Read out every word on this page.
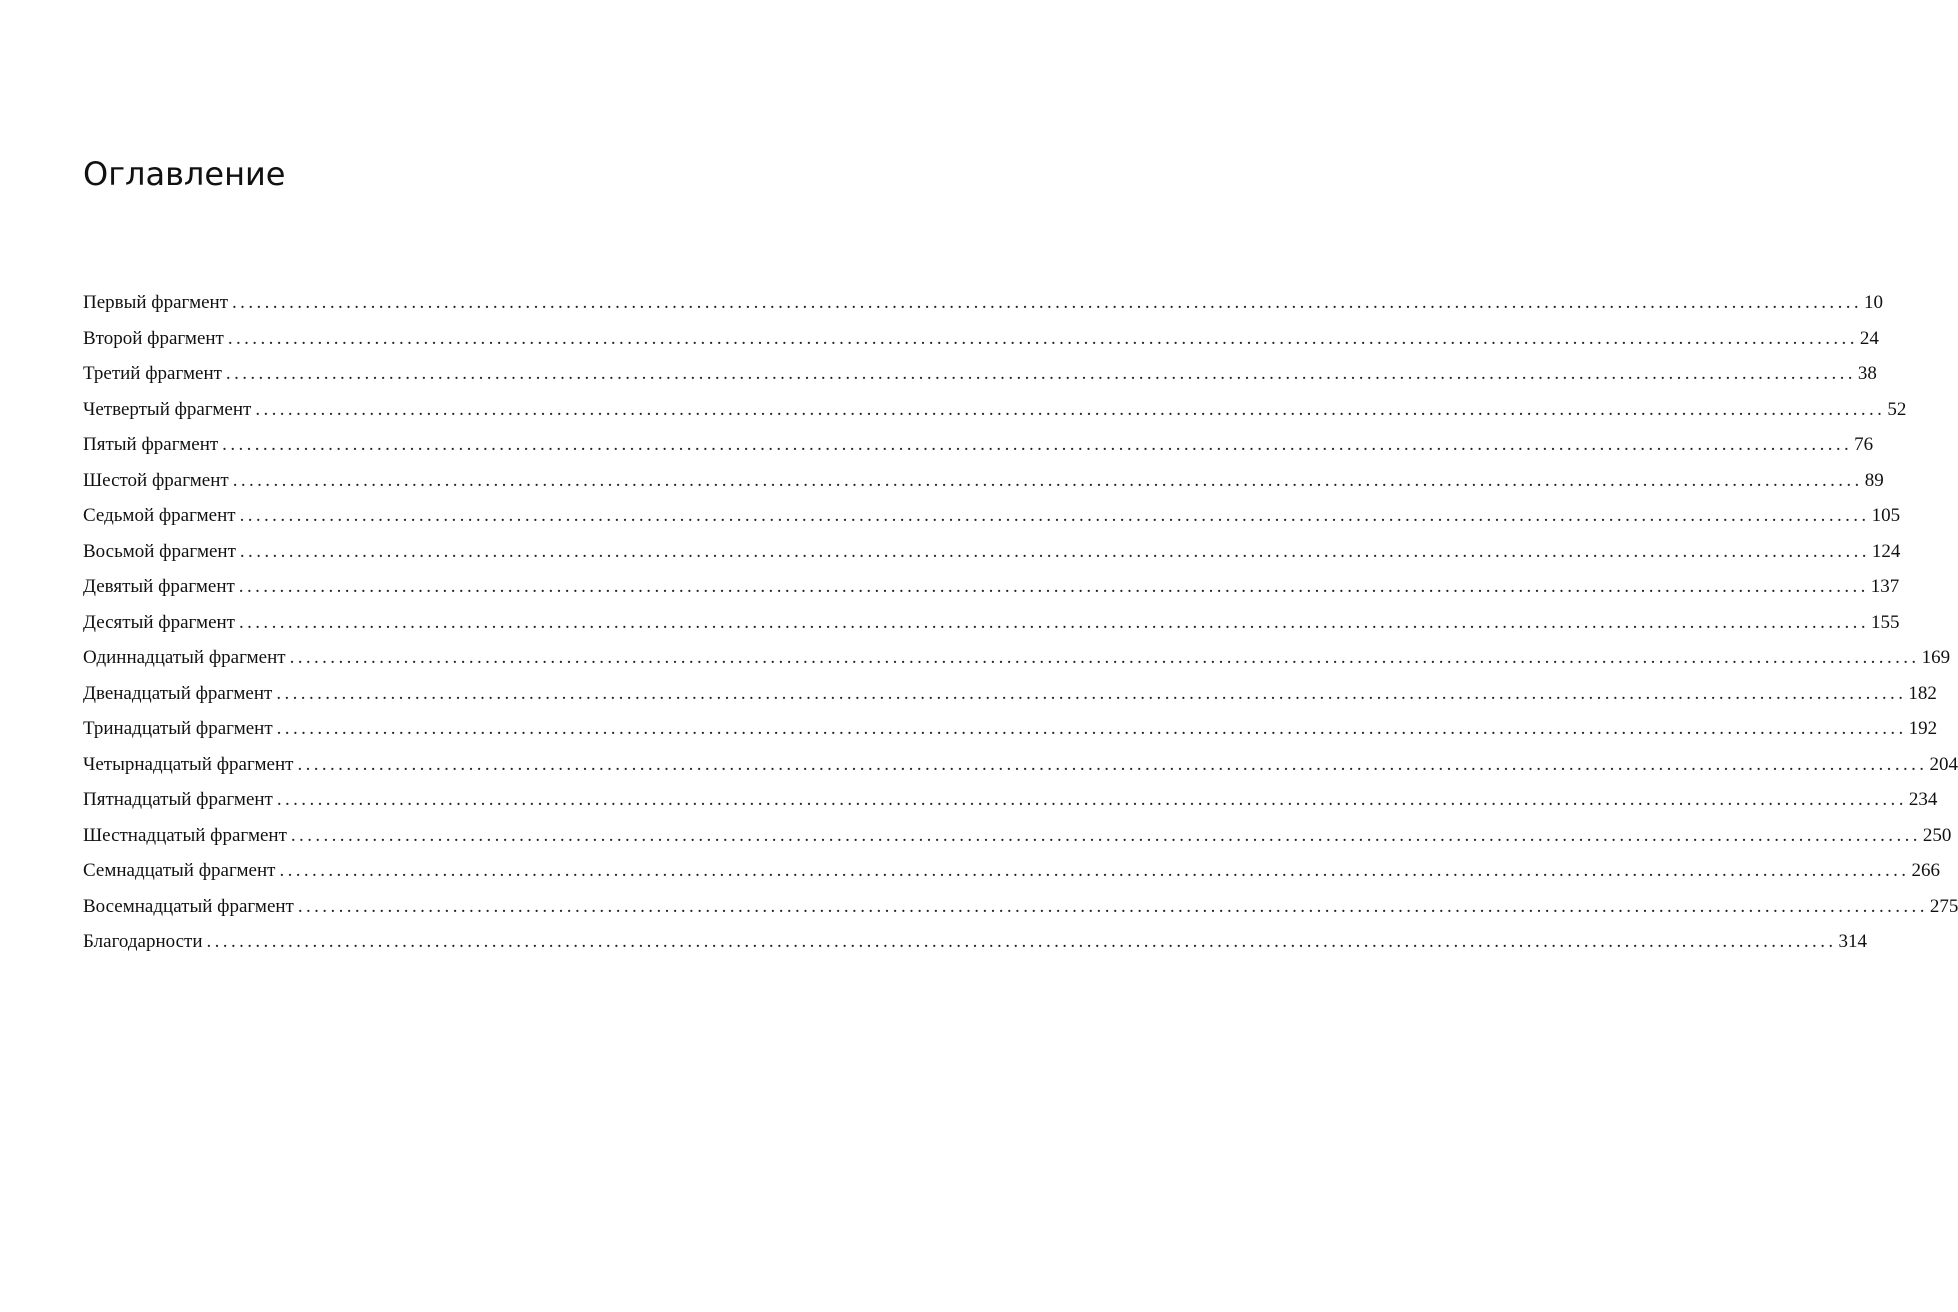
Оглавление
Первый фрагмент ........................................................................................................................................................................................................ 10
Второй фрагмент ........................................................................................................................................................................................................ 24
Третий фрагмент ........................................................................................................................................................................................................ 38
Четвертый фрагмент ........................................................................................................................................................................................................ 52
Пятый фрагмент ........................................................................................................................................................................................................ 76
Шестой фрагмент ........................................................................................................................................................................................................ 89
Седьмой фрагмент ........................................................................................................................................................................................................ 105
Восьмой фрагмент ........................................................................................................................................................................................................ 124
Девятый фрагмент ........................................................................................................................................................................................................ 137
Десятый фрагмент ........................................................................................................................................................................................................ 155
Одиннадцатый фрагмент ........................................................................................................................................................................................................ 169
Двенадцатый фрагмент ........................................................................................................................................................................................................ 182
Тринадцатый фрагмент ........................................................................................................................................................................................................ 192
Четырнадцатый фрагмент ........................................................................................................................................................................................................ 204
Пятнадцатый фрагмент ........................................................................................................................................................................................................ 234
Шестнадцатый фрагмент ........................................................................................................................................................................................................ 250
Семнадцатый фрагмент ........................................................................................................................................................................................................ 266
Восемнадцатый фрагмент ........................................................................................................................................................................................................ 275
Благодарности ........................................................................................................................................................................................................ 314
